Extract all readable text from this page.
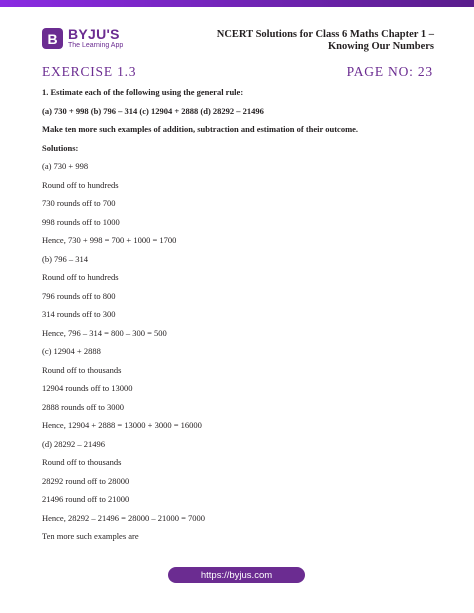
B BYJU'S
The Learning App
NCERT Solutions for Class 6 Maths Chapter 1 –
Knowing Our Numbers
EXERCISE 1.3	PAGE NO: 23
1. Estimate each of the following using the general rule:
(a) 730 + 998 (b) 796 – 314 (c) 12904 + 2888 (d) 28292 – 21496
Make ten more such examples of addition, subtraction and estimation of their outcome.
Solutions:
(a) 730 + 998
Round off to hundreds
730 rounds off to 700
998 rounds off to 1000
Hence, 730 + 998 = 700 + 1000 = 1700
(b) 796 – 314
Round off to hundreds
796 rounds off to 800
314 rounds off to 300
Hence, 796 – 314 = 800 – 300 = 500
(c) 12904 + 2888
Round off to thousands
12904 rounds off to 13000
2888 rounds off to 3000
Hence, 12904 + 2888 = 13000 + 3000 = 16000
(d) 28292 – 21496
Round off to thousands
28292 round off to 28000
21496 round off to 21000
Hence, 28292 – 21496 = 28000 – 21000 = 7000
Ten more such examples are
https://byjus.com
